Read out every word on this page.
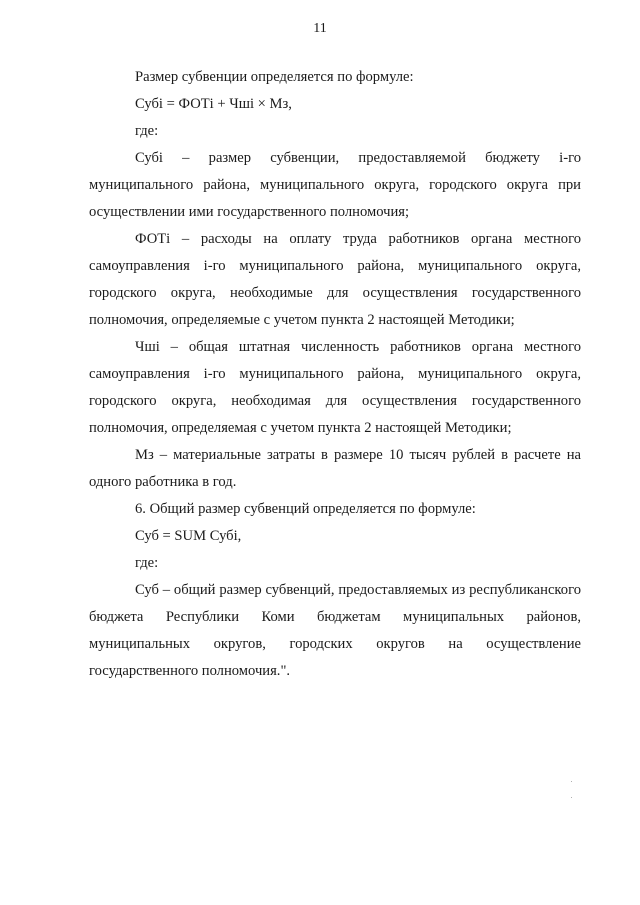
11

Размер субвенции определяется по формуле:

Субi = ФОТi + Чшi × Мз,

где:

Субi – размер субвенции, предоставляемой бюджету i-го муниципального района, муниципального округа, городского округа при осуществлении ими государственного полномочия;

ФОТi – расходы на оплату труда работников органа местного самоуправления i-го муниципального района, муниципального округа, городского округа, необходимые для осуществления государственного полномочия, определяемые с учетом пункта 2 настоящей Методики;

Чшi – общая штатная численность работников органа местного самоуправления i-го муниципального района, муниципального округа, городского округа, необходимая для осуществления государственного полномочия, определяемая с учетом пункта 2 настоящей Методики;

Мз – материальные затраты в размере 10 тысяч рублей в расчете на одного работника в год.

6. Общий размер субвенций определяется по формуле:

Суб = SUM Субi,

где:

Суб – общий размер субвенций, предоставляемых из республиканского бюджета Республики Коми бюджетам муниципальных районов, муниципальных округов, городских округов на осуществление государственного полномочия.".
